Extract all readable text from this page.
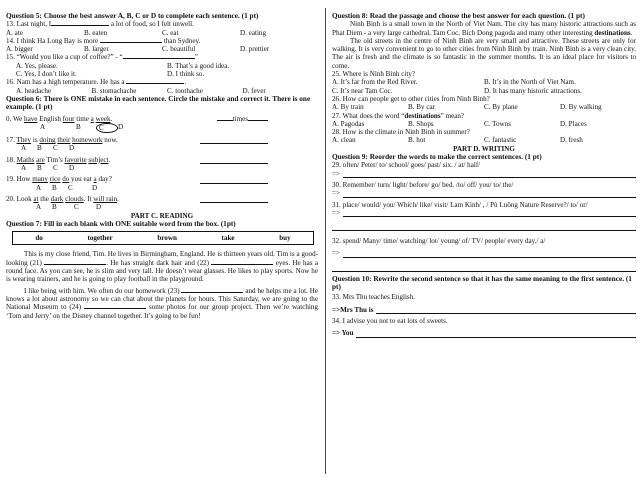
Question 5: Choose the best answer A, B, C or D to complete each sentence. (1 pt)
13. Last night, I	a lot of food, so I felt unwell.
A. ate	B. eaten	C. eat	D. eating
14. I think Ha Long Bay is more	than Sydney.
A. bigger	B. larger	C. beautiful	D. prettier
15. “Would you like a cup of coffee?” - “	”
A. Yes, please.	B. That’s a good idea.
C. Yes, I don’t like it.	D. I think so.
16. Nam has a high temperature. He has a	.
A. headache	B. stomachache	C. toothache	D. fever
Question 6: There is ONE mistake in each sentence. Circle the mistake and correct it. There is one example. (1 pt)
0. We have English four time a week.	times
A	B	C	D
17. They is doing their homework now.
A	B	C	D
18. Maths are Tim’s favorite subject.
A	B	C	D
19. How many rice do you eat a day?
A	B	C	D
20. Look at the dark clouds. It will rain.
A	B	C	D
PART C. READING
Question 7: Fill in each blank with ONE suitable word from the box. (1pt)
do	together	brown	take	buy
This is my close friend, Tim. He lives in Birmingham, England. He is thirteen years old. Tim is a good-looking (21)	. He has straight dark hair and (22)	eyes. He has a round face. As you can see, he is slim and very tall. He doesn’t wear glasses. He likes to play sports. Now he is wearing trainers, and he is going to play football in the playground.
I like being with him. We often do our homework (23)	and he helps me a lot. He knows a lot about astronomy so we can chat about the planets for hours. This Saturday, we are going to the National Museum to (24)	some photos for our group project. Then we’re watching ‘Tom and Jerry’ on the Disney channel together. It’s going to be fun!
Question 8: Read the passage and choose the best answer for each question. (1 pt)
Ninh Bình is a small town in the North of Viet Nam. The city has many historic attractions such as Phat Diem - a very large cathedral, Tam Coc, Bich Dong pagoda and many other interesting destinations.
The old streets in the centre of Ninh Binh are very small and attractive. These streets are only for walking. It is very convenient to go to other cities from Ninh Binh by train. Ninh Binh is a very clean city. The air is fresh and the climate is so fantastic in the summer months. It is an ideal place for visitors to come.
25. Where is Ninh Binh city?
A. It’s far from the Red River.	B. It’s in the North of Viet Nam.
C. It’s near Tam Coc.	D. It has many historic attractions.
26. How can people get to other cities from Ninh Binh?
A. By train	B. By car	C. By plane	D. By walking
27. What does the word “destinations” mean?
A. Pagodas	B. Shops	C. Towns	D. Places
28. How is the climate in Ninh Binh in summer?
A. clean	B. hot	C. fantastic	D. fresh
PART D. WRITING
Question 9: Reorder the words to make the correct sentences. (1 pt)
29. often/ Peter/ to/ school/ goes/ past/ six. / at/ half/
=>
30. Remember/ turn/ light/ before/ go/ bed. /to/ off/ you/ to/ the/
=>
31. place/ would/ you/ Which/ like/ visit/ Lam Kinh/ , / Pù Luông Nature Reserve?/ to/ or/
=>
32. spend/ Many/ time/ watching/ lot/ young/ of/ TV/ people/ every day./ a/
=>
Question 10: Rewrite the second sentence so that it has the same meaning to the first sentence. (1 pt)
33. Mrs Thu teaches English.
=>Mrs Thu is
34. I advise you not to eat lots of sweets.
=> You
